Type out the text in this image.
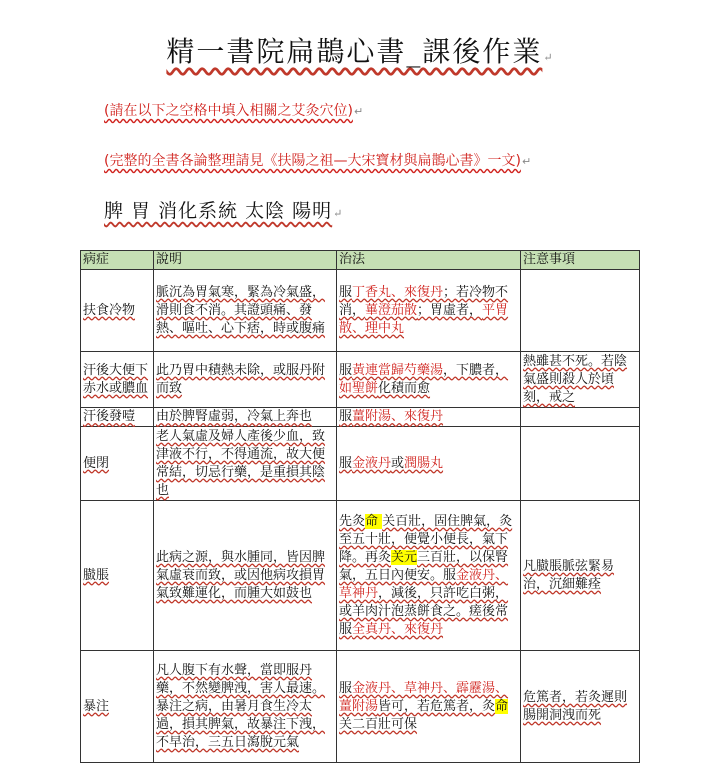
精一書院扁鵲心書_課後作業↵
(請在以下之空格中填入相關之艾灸穴位)↵
(完整的全書各論整理請見《扶陽之祖—大宋寶材與扁鵲心書》一文)↵
脾 胃 消化系統 太陰 陽明↵
病症	說明	治法	注意事項
扶食冷物	脈沉為胃氣寒，緊為冷氣盛，滑則食不消。其證頭痛、發熱、嘔吐、心下痞，時或腹痛	服丁香丸、來復丹；若冷物不消，蓽澄茄散；胃虛者，平胃散、理中丸	
汗後大便下赤水或膿血	此乃胃中積熱未除，或服丹附而致	服黃連當歸芍藥湯，下膿者，如聖餅化積而愈	熱雖甚不死。若陰氣盛則殺人於頃刻，戒之
汗後發噎	由於脾腎虛弱，冷氣上奔也	服薑附湯、來復丹	
便閉	老人氣虛及婦人產後少血，致津液不行，不得通流，故大便常結，切忌行藥，是重損其陰也	服金液丹或潤腸丸	
臌脹	此病之源，與水腫同，皆因脾氣虛衰而致，或因他病攻損胃氣致難運化，而腫大如鼓也	先灸命 关百壯，固住脾氣，灸至五十壯，便覺小便長，氣下降。再灸关元三百壯，以保腎氣，五日內便安。服金液丹、草神丹，減後，只許吃白粥，或羊肉汁泡蒸餅食之。瘥後常服全真丹、來復丹	凡臌脹脈弦緊易治，沉細難痊
暴注	凡人腹下有水聲，當即服丹藥，不然變脾洩，害人最速。暴注之病，由暑月食生冷太過，損其脾氣，故暴注下洩，不早治，三五日瀉脫元氣	服金液丹、草神丹、霹靂湯、薑附湯皆可，若危篤者，灸命 关二百壯可保	危篤者，若灸遲則腸開洞洩而死
